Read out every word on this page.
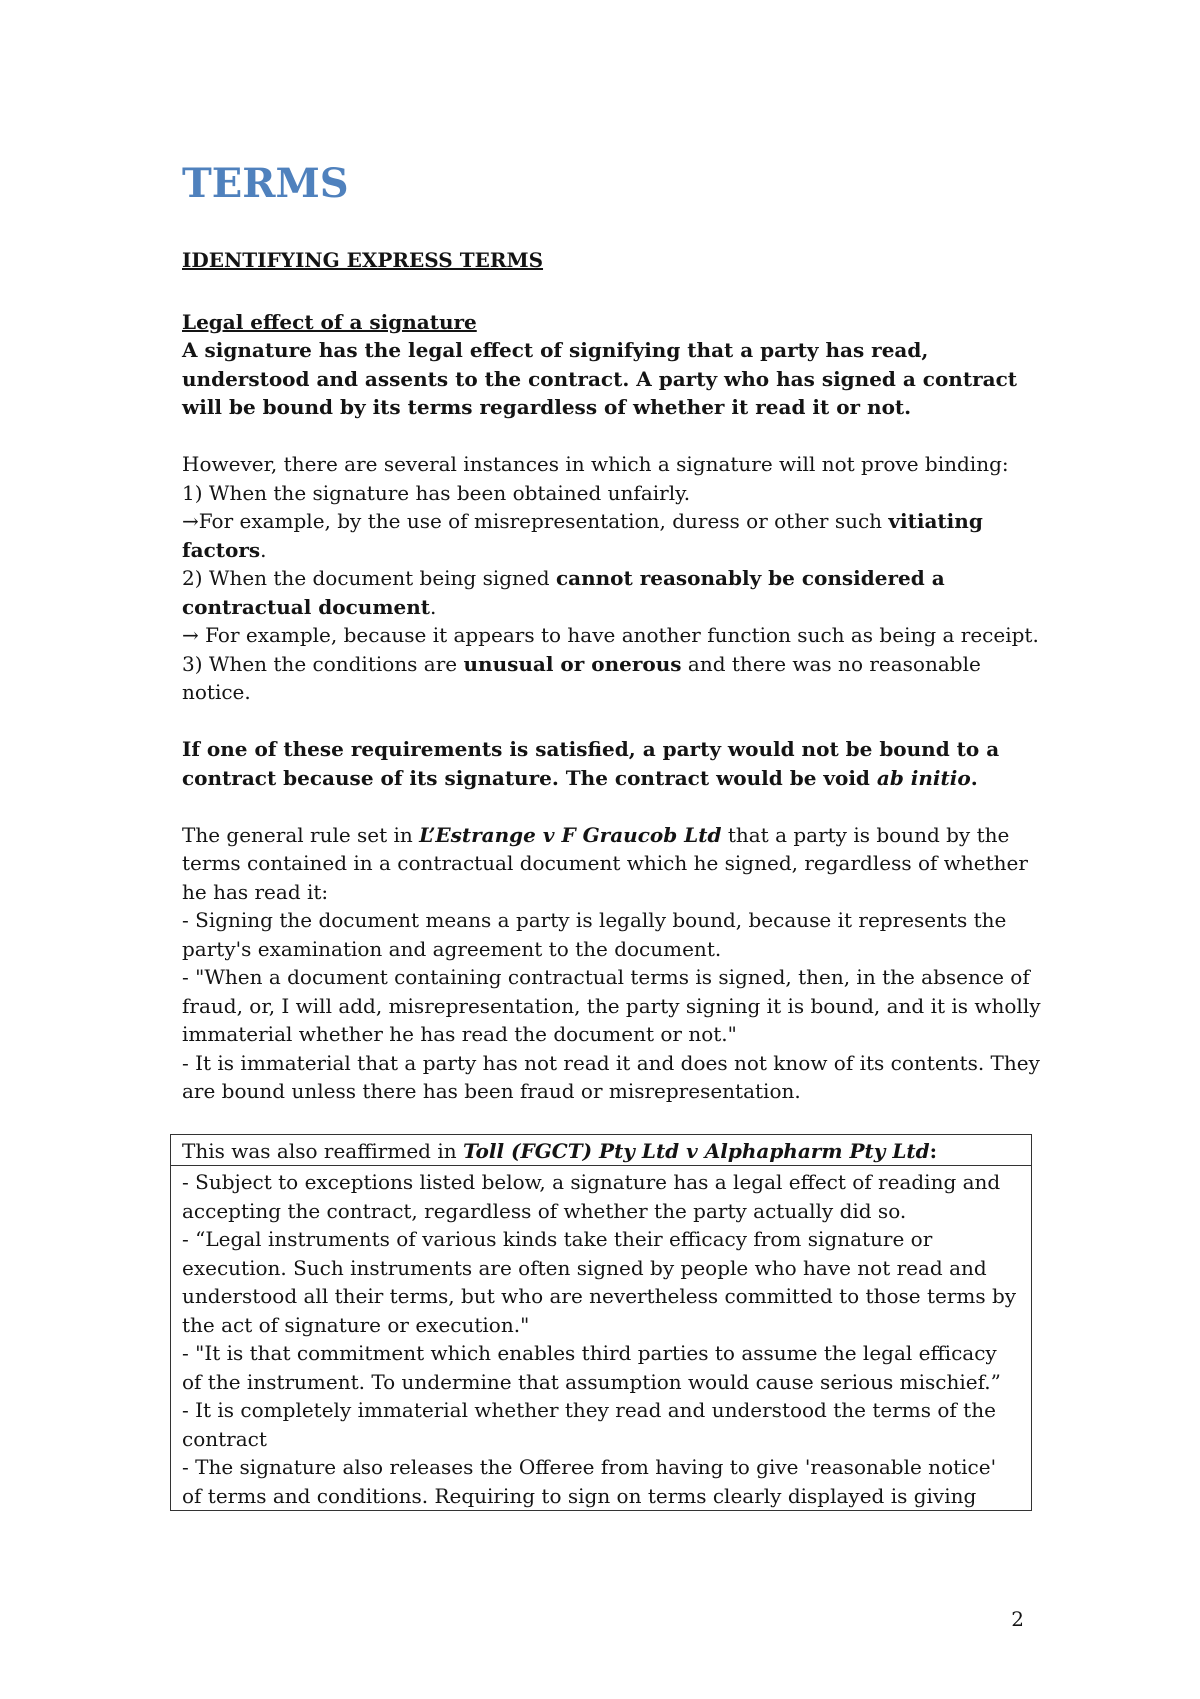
TERMS
IDENTIFYING EXPRESS TERMS
Legal effect of a signature

A signature has the legal effect of signifying that a party has read, understood and assents to the contract. A party who has signed a contract will be bound by its terms regardless of whether it read it or not.

However, there are several instances in which a signature will not prove binding:

1) When the signature has been obtained unfairly.

→For example, by the use of misrepresentation, duress or other such vitiating factors.

2) When the document being signed cannot reasonably be considered a contractual document.

→ For example, because it appears to have another function such as being a receipt.

3) When the conditions are unusual or onerous and there was no reasonable notice.

If one of these requirements is satisfied, a party would not be bound to a contract because of its signature. The contract would be void ab initio.

The general rule set in L’Estrange v F Graucob Ltd that a party is bound by the terms contained in a contractual document which he signed, regardless of whether he has read it:

- Signing the document means a party is legally bound, because it represents the party's examination and agreement to the document.

- "When a document containing contractual terms is signed, then, in the absence of fraud, or, I will add, misrepresentation, the party signing it is bound, and it is wholly immaterial whether he has read the document or not."

- It is immaterial that a party has not read it and does not know of its contents. They are bound unless there has been fraud or misrepresentation.

This was also reaffirmed in Toll (FGCT) Pty Ltd v Alphapharm Pty Ltd:

- Subject to exceptions listed below, a signature has a legal effect of reading and accepting the contract, regardless of whether the party actually did so.

- “Legal instruments of various kinds take their efficacy from signature or execution. Such instruments are often signed by people who have not read and understood all their terms, but who are nevertheless committed to those terms by the act of signature or execution."

- "It is that commitment which enables third parties to assume the legal efficacy of the instrument. To undermine that assumption would cause serious mischief.”

- It is completely immaterial whether they read and understood the terms of the contract

- The signature also releases the Offeree from having to give 'reasonable notice' of terms and conditions. Requiring to sign on terms clearly displayed is giving

2
